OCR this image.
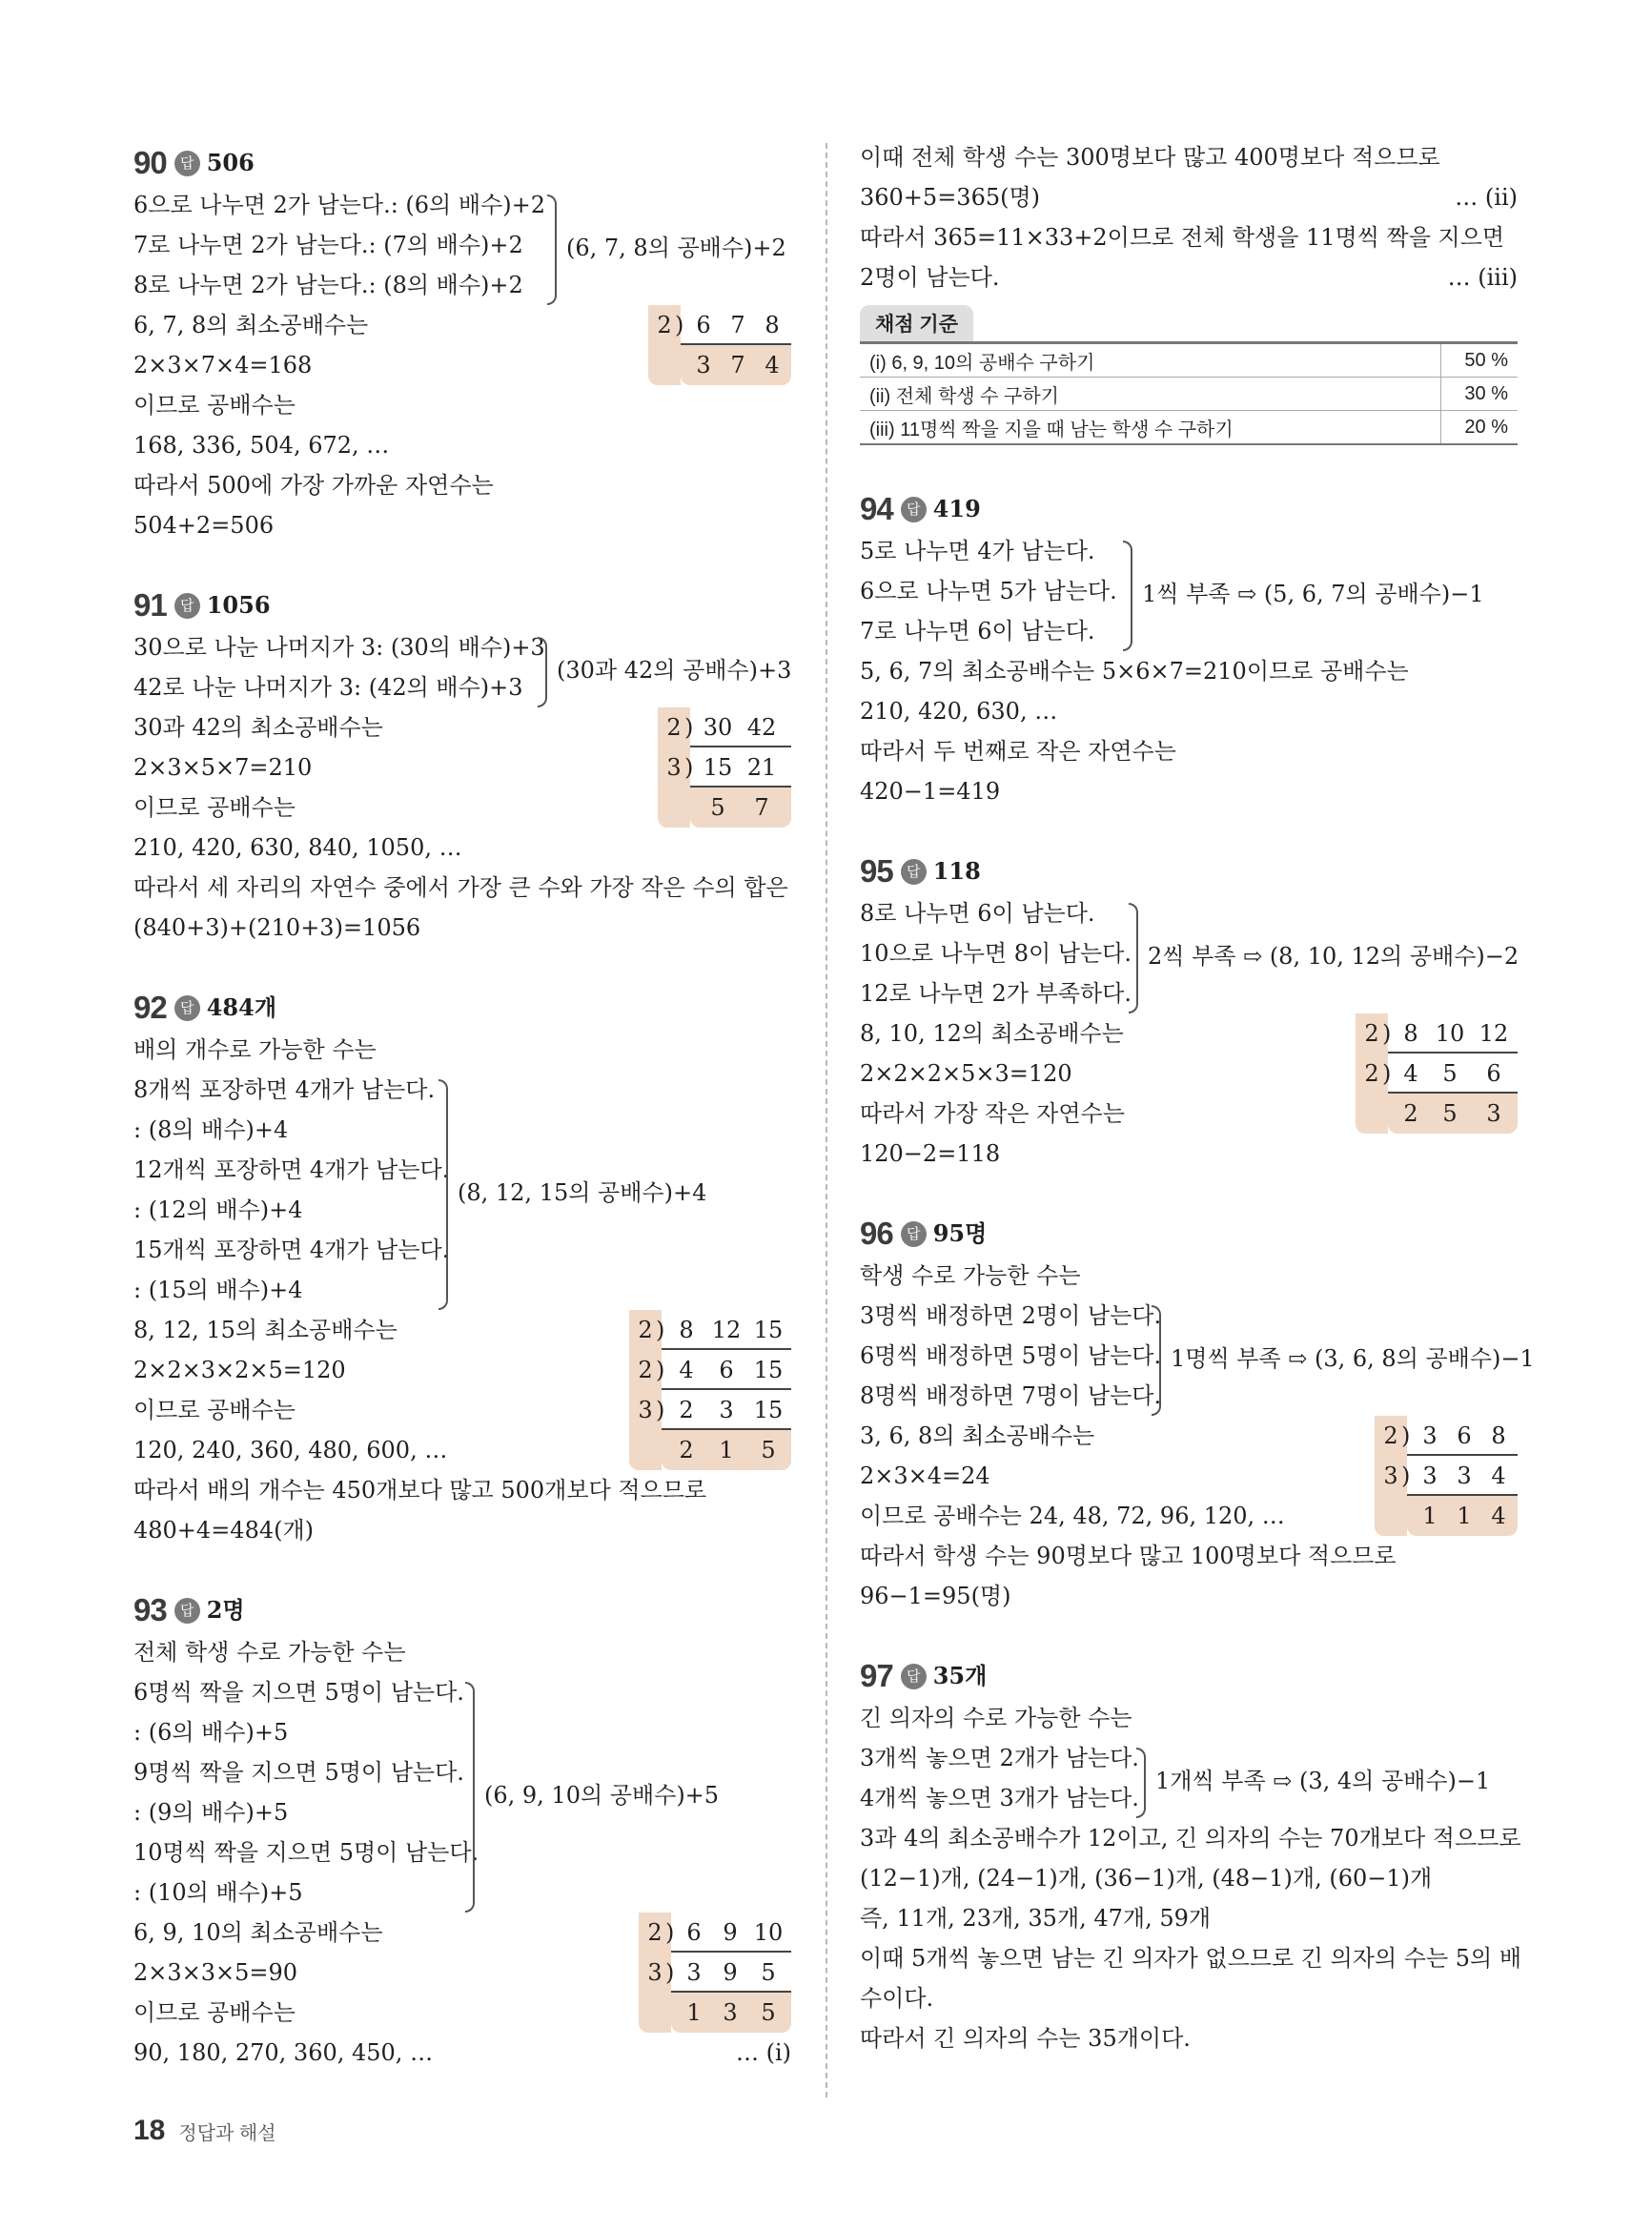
90 답 506
6으로 나누면 2가 남는다.: (6의 배수)+2
7로 나누면 2가 남는다.: (7의 배수)+2
8로 나누면 2가 남는다.: (8의 배수)+2
(6, 7, 8의 공배수)+2
2 ) 6 7 8
3 7 4
6, 7, 8의 최소공배수는
2×3×7×4=168
이므로 공배수는
168, 336, 504, 672, …
따라서 500에 가장 가까운 자연수는
504+2=506
91 답 1056
30으로 나눈 나머지가 3: (30의 배수)+3
42로 나눈 나머지가 3: (42의 배수)+3
(30과 42의 공배수)+3
2 ) 30 42
3 ) 15 21
5	7
30과 42의 최소공배수는
2×3×5×7=210
이므로 공배수는
210, 420, 630, 840, 1050, …
따라서 세 자리의 자연수 중에서 가장 큰 수와 가장 작은 수의 합은
(840+3)+(210+3)=1056
92 답 484개
배의 개수로 가능한 수는
8개씩 포장하면 4개가 남는다.
: (8의 배수)+4
12개씩 포장하면 4개가 남는다.
: (12의 배수)+4
15개씩 포장하면 4개가 남는다.
: (15의 배수)+4
(8, 12, 15의 공배수)+4
2 ) 8 12 15
2 ) 4	6 15
3 ) 2	3 15
2	1	5
8, 12, 15의 최소공배수는
2×2×3×2×5=120
이므로 공배수는
120, 240, 360, 480, 600, …
따라서 배의 개수는 450개보다 많고 500개보다 적으므로
480+4=484(개)
93 답 2명
전체 학생 수로 가능한 수는
6명씩 짝을 지으면 5명이 남는다.
: (6의 배수)+5
9명씩 짝을 지으면 5명이 남는다.
: (9의 배수)+5
10명씩 짝을 지으면 5명이 남는다.
: (10의 배수)+5
(6, 9, 10의 공배수)+5
2 ) 6 9 10
3 ) 3 9	5
1 3	5
6, 9, 10의 최소공배수는
2×3×3×5=90
이므로 공배수는
90, 180, 270, 360, 450, …	… (i)
이때 전체 학생 수는 300명보다 많고 400명보다 적으므로
360+5=365(명)	… (ii)
따라서 365=11×33+2이므로 전체 학생을 11명씩 짝을 지으면
2명이 남는다.	… (iii)
채점 기준
(i) 6, 9, 10의 공배수 구하기	50 %
(ii) 전체 학생 수 구하기	30 %
(iii) 11명씩 짝을 지을 때 남는 학생 수 구하기	20 %
94 답 419
5로 나누면 4가 남는다.
6으로 나누면 5가 남는다.
7로 나누면 6이 남는다.
1씩 부족 ⇨ (5, 6, 7의 공배수)−1
5, 6, 7의 최소공배수는 5×6×7=210이므로 공배수는
210, 420, 630, …
따라서 두 번째로 작은 자연수는
420−1=419
95 답 118
8로 나누면 6이 남는다.
10으로 나누면 8이 남는다.
12로 나누면 2가 부족하다.
2씩 부족 ⇨ (8, 10, 12의 공배수)−2
2 ) 8 10 12
2 ) 4	5	6
2	5	3
8, 10, 12의 최소공배수는
2×2×2×5×3=120
따라서 가장 작은 자연수는
120−2=118
96 답 95명
학생 수로 가능한 수는
3명씩 배정하면 2명이 남는다.
6명씩 배정하면 5명이 남는다.
8명씩 배정하면 7명이 남는다.
1명씩 부족 ⇨ (3, 6, 8의 공배수)−1
2 ) 3 6 8
3 ) 3 3 4
1 1 4
3, 6, 8의 최소공배수는
2×3×4=24
이므로 공배수는 24, 48, 72, 96, 120, …
따라서 학생 수는 90명보다 많고 100명보다 적으므로
96−1=95(명)
97 답 35개
긴 의자의 수로 가능한 수는
3개씩 놓으면 2개가 남는다.
4개씩 놓으면 3개가 남는다.
1개씩 부족 ⇨ (3, 4의 공배수)−1
3과 4의 최소공배수가 12이고, 긴 의자의 수는 70개보다 적으므로
(12−1)개, (24−1)개, (36−1)개, (48−1)개, (60−1)개
즉, 11개, 23개, 35개, 47개, 59개
이때 5개씩 놓으면 남는 긴 의자가 없으므로 긴 의자의 수는 5의 배
수이다.
따라서 긴 의자의 수는 35개이다.
18 정답과 해설
